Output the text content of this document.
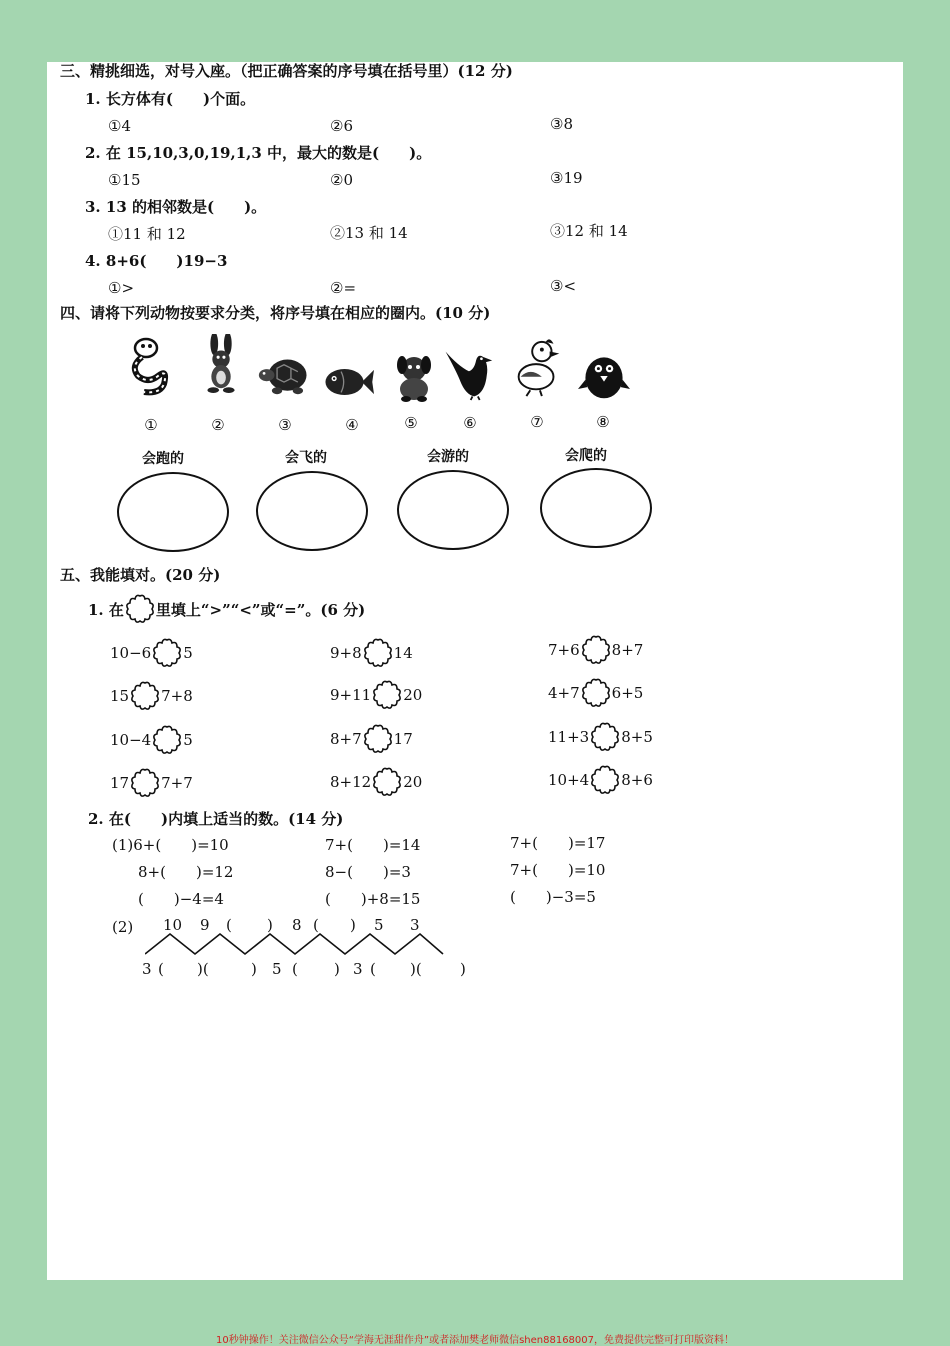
三、精挑细选，对号入座。（把正确答案的序号填在括号里）(12 分)
1. 长方体有(　　)个面。
①4	②6	③8
2. 在 15,10,3,0,19,1,3 中，最大的数是(　　)。
①15	②0	③19
3. 13 的相邻数是(　　)。
①11 和 12	②13 和 14	③12 和 14
4. 8+6(　　)19−3
①>	②=	③<
四、请将下列动物按要求分类，将序号填在相应的圈内。(10 分)
①	②	③	④	⑤	⑥	⑦	⑧
会跑的	会飞的	会游的	会爬的
五、我能填对。(20 分)
1. 在 里填上“>”“<”或“=”。(6 分)
10−6 5	9+8 14	7+6 8+7
15 7+8	9+11 20	4+7 6+5
10−4 5	8+7 17	11+3 8+5
17 7+7	8+12 20	10+4 8+6
2. 在(　　)内填上适当的数。(14 分)
(1)6+(　　)=10	7+(　　)=14	7+(　　)=17
8+(　　)=12	8−(　　)=3	7+(　　)=10
(　　)−4=4	(　　)+8=15	(　　)−3=5
(2) 10 9 ( ) 8 ( ) 5 3
3 ( )(	) 5 ( ) 3 ( )(	)
10秒钟操作！关注微信公众号“学海无涯甜作舟”或者添加樊老师微信shen88168007，免费提供完整可打印版资料！
